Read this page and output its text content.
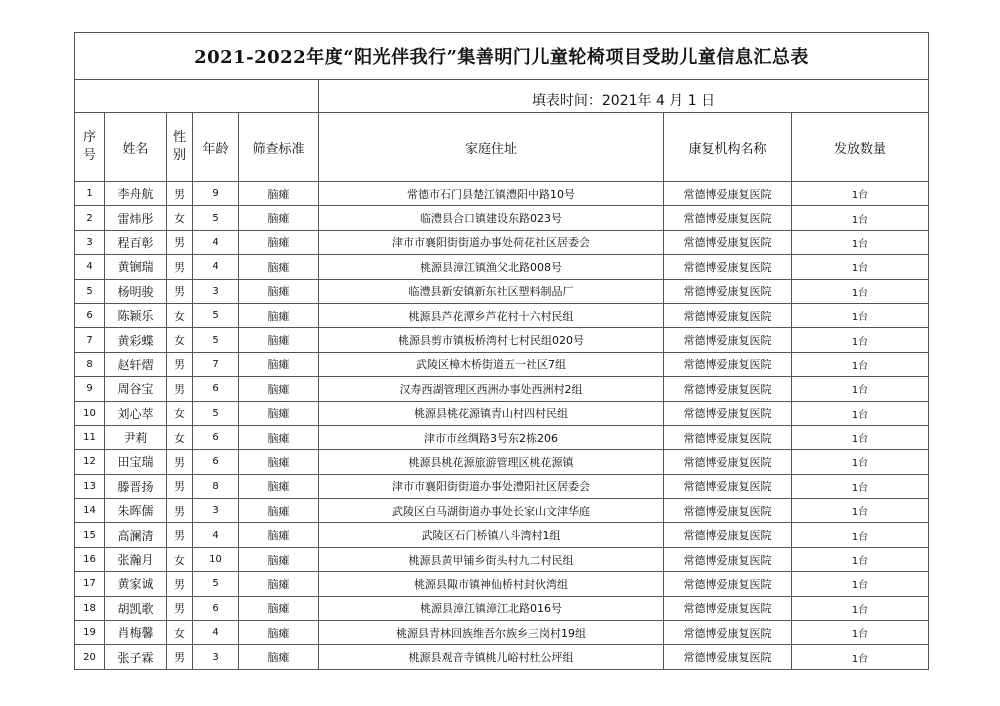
2021-2022年度“阳光伴我行”集善明门儿童轮椅项目受助儿童信息汇总表							
					填表时间：2021年 4 月 1 日		
序
号	姓名	性
别	年龄	筛查标准	家庭住址	康复机构名称	发放数量
1	李舟航	男	9	脑瘫	常德市石门县楚江镇澧阳中路10号	常德博爱康复医院	1台
2	雷炜彤	女	5	脑瘫	临澧县合口镇建设东路023号	常德博爱康复医院	1台
3	程百彰	男	4	脑瘫	津市市襄阳街街道办事处荷花社区居委会	常德博爱康复医院	1台
4	黄锎瑞	男	4	脑瘫	桃源县漳江镇渔父北路008号	常德博爱康复医院	1台
5	杨明骏	男	3	脑瘫	临澧县新安镇新东社区塑料制品厂	常德博爱康复医院	1台
6	陈颖乐	女	5	脑瘫	桃源县芦花潭乡芦花村十六村民组	常德博爱康复医院	1台
7	黄彩蝶	女	5	脑瘫	桃源县剪市镇板桥湾村七村民组020号	常德博爱康复医院	1台
8	赵轩熠	男	7	脑瘫	武陵区樟木桥街道五一社区7组	常德博爱康复医院	1台
9	周谷宝	男	6	脑瘫	汉寿西湖管理区西洲办事处西洲村2组	常德博爱康复医院	1台
10	刘心萃	女	5	脑瘫	桃源县桃花源镇青山村四村民组	常德博爱康复医院	1台
11	尹莉	女	6	脑瘫	津市市丝绸路3号东2栋206	常德博爱康复医院	1台
12	田宝瑞	男	6	脑瘫	桃源县桃花源旅游管理区桃花源镇	常德博爱康复医院	1台
13	滕晋扬	男	8	脑瘫	津市市襄阳街街道办事处澧阳社区居委会	常德博爱康复医院	1台
14	朱晖儒	男	3	脑瘫	武陵区白马湖街道办事处长家山文津华庭	常德博爱康复医院	1台
15	高澜清	男	4	脑瘫	武陵区石门桥镇八斗湾村1组	常德博爱康复医院	1台
16	张瀚月	女	10	脑瘫	桃源县黄甲铺乡街头村九二村民组	常德博爱康复医院	1台
17	黄家诚	男	5	脑瘫	桃源县陬市镇神仙桥村封伙湾组	常德博爱康复医院	1台
18	胡凯歌	男	6	脑瘫	桃源县漳江镇漳江北路016号	常德博爱康复医院	1台
19	肖梅馨	女	4	脑瘫	桃源县青林回族维吾尔族乡三岗村19组	常德博爱康复医院	1台
20	张子霖	男	3	脑瘫	桃源县观音寺镇桃儿峪村杜公坪组	常德博爱康复医院	1台
